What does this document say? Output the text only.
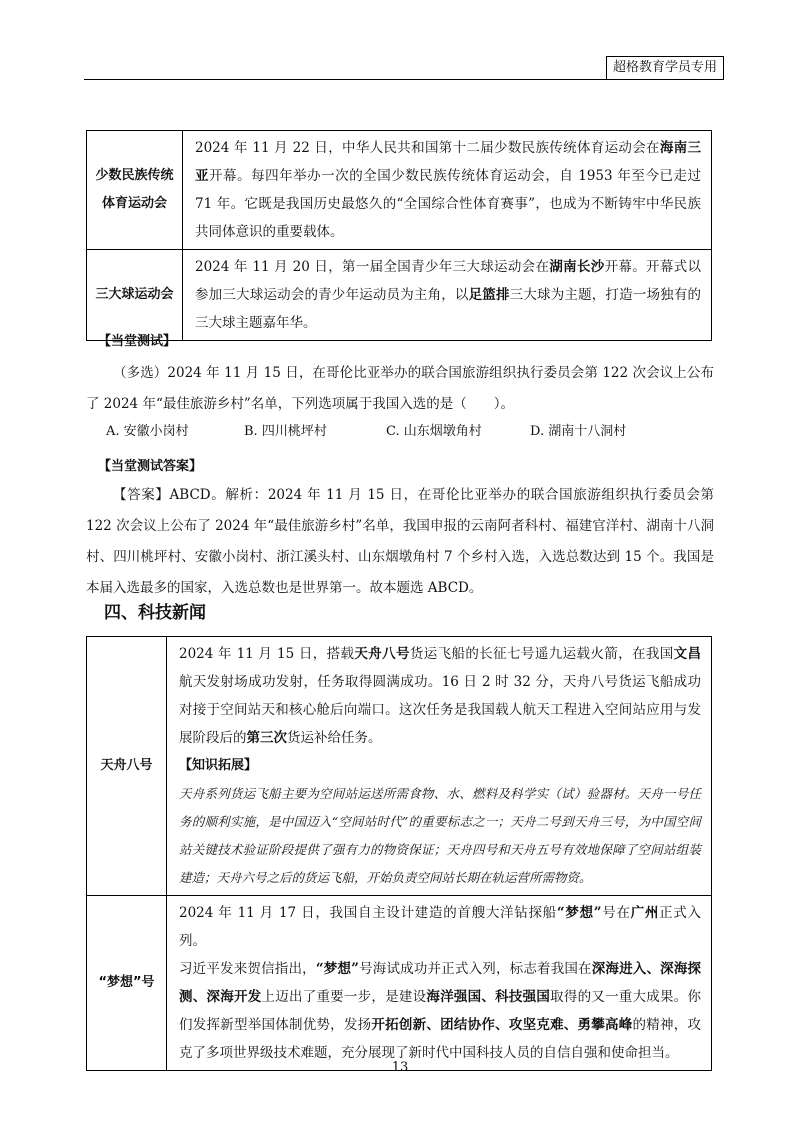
超格教育学员专用
少数民族传统体育运动会	2024 年 11 月 22 日，中华人民共和国第十二届少数民族传统体育运动会在海南三亚开幕。每四年举办一次的全国少数民族传统体育运动会，自 1953 年至今已走过 71 年。它既是我国历史最悠久的“全国综合性体育赛事”，也成为不断铸牢中华民族共同体意识的重要载体。
三大球运动会	2024 年 11 月 20 日，第一届全国青少年三大球运动会在湖南长沙开幕。开幕式以参加三大球运动会的青少年运动员为主角，以足篮排三大球为主题，打造一场独有的三大球主题嘉年华。
【当堂测试】
（多选）2024 年 11 月 15 日，在哥伦比亚举办的联合国旅游组织执行委员会第 122 次会议上公布了 2024 年“最佳旅游乡村”名单，下列选项属于我国入选的是（　　）。
A. 安徽小岗村	B. 四川桃坪村	C. 山东烟墩角村	D. 湖南十八洞村
【当堂测试答案】
【答案】ABCD。解析：2024 年 11 月 15 日，在哥伦比亚举办的联合国旅游组织执行委员会第 122 次会议上公布了 2024 年“最佳旅游乡村”名单，我国申报的云南阿者科村、福建官洋村、湖南十八洞村、四川桃坪村、安徽小岗村、浙江溪头村、山东烟墩角村 7 个乡村入选，入选总数达到 15 个。我国是本届入选最多的国家，入选总数也是世界第一。故本题选 ABCD。
四、科技新闻
天舟八号	2024 年 11 月 15 日，搭载天舟八号货运飞船的长征七号遥九运载火箭，在我国文昌航天发射场成功发射，任务取得圆满成功。16 日 2 时 32 分，天舟八号货运飞船成功对接于空间站天和核心舱后向端口。这次任务是我国载人航天工程进入空间站应用与发展阶段后的第三次货运补给任务。
【知识拓展】
天舟系列货运飞船主要为空间站运送所需食物、水、燃料及科学实（试）验器材。天舟一号任务的顺利实施，是中国迈入“空间站时代”的重要标志之一；天舟二号到天舟三号，为中国空间站关键技术验证阶段提供了强有力的物资保证；天舟四号和天舟五号有效地保障了空间站组装建造；天舟六号之后的货运飞船，开始负责空间站长期在轨运营所需物资。

“梦想”号	2024 年 11 月 17 日，我国自主设计建造的首艘大洋钻探船“梦想”号在广州正式入列。
习近平发来贺信指出，“梦想”号海试成功并正式入列，标志着我国在深海进入、深海探测、深海开发上迈出了重要一步，是建设海洋强国、科技强国取得的又一重大成果。你们发挥新型举国体制优势，发扬开拓创新、团结协作、攻坚克难、勇攀高峰的精神，攻克了多项世界级技术难题，充分展现了新时代中国科技人员的自信自强和使命担当。
13
